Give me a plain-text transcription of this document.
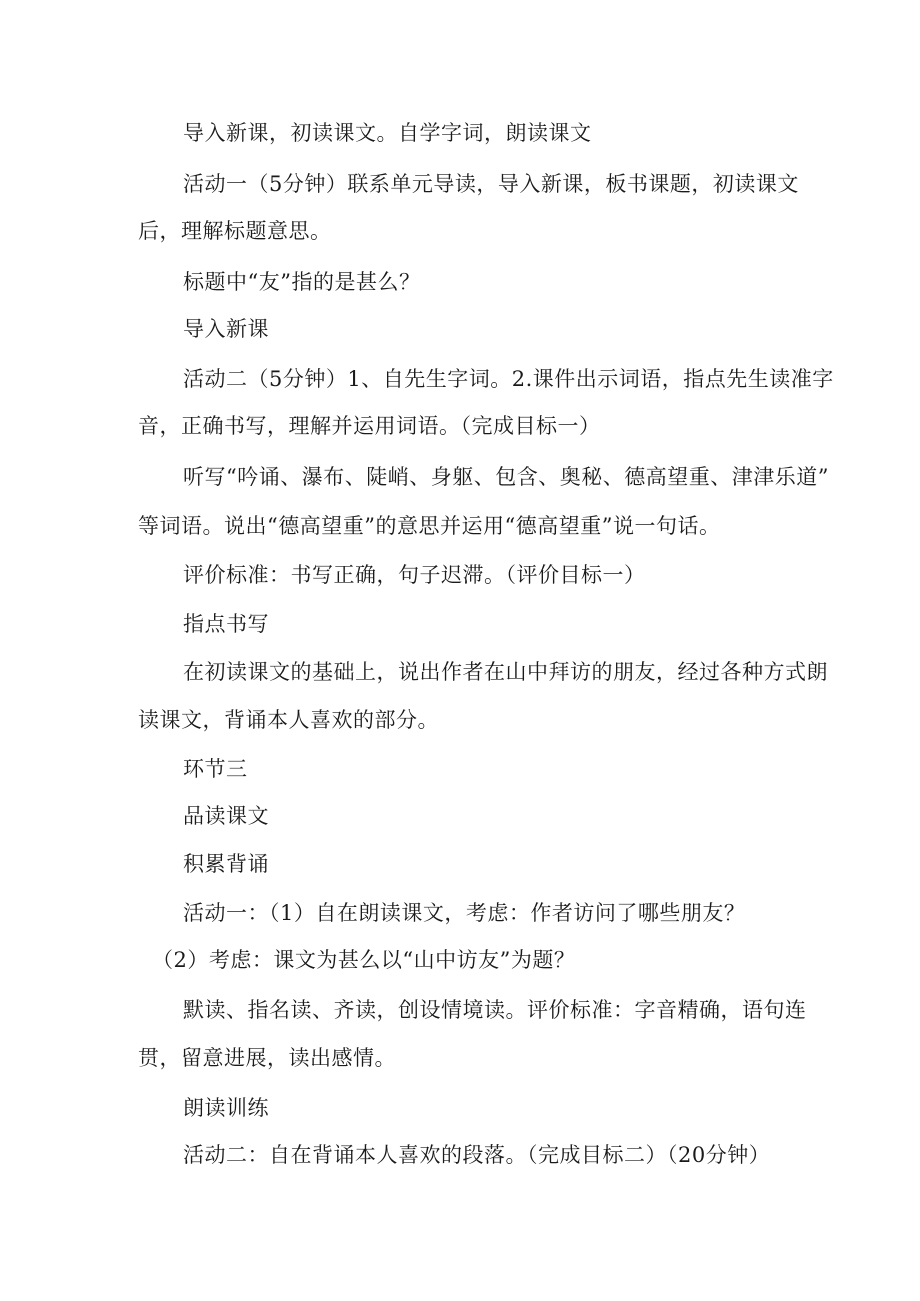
导入新课，初读课文。自学字词，朗读课文
活动一（5分钟）联系单元导读，导入新课，板书课题，初读课文
后，理解标题意思。
标题中“友”指的是甚么？
导入新课
活动二（5分钟）1、自先生字词。2.课件出示词语，指点先生读准字
音，正确书写，理解并运用词语。（完成目标一）
听写“吟诵、瀑布、陡峭、身躯、包含、奥秘、德高望重、津津乐道”
等词语。说出“德高望重”的意思并运用“德高望重”说一句话。
评价标准：书写正确，句子迟滞。（评价目标一）
指点书写
在初读课文的基础上，说出作者在山中拜访的朋友，经过各种方式朗
读课文，背诵本人喜欢的部分。
环节三
品读课文
积累背诵
活动一：（1）自在朗读课文，考虑：作者访问了哪些朋友？
（2）考虑：课文为甚么以“山中访友”为题？
默读、指名读、齐读，创设情境读。评价标准：字音精确，语句连
贯，留意进展，读出感情。
朗读训练
活动二：自在背诵本人喜欢的段落。（完成目标二）（20分钟）
